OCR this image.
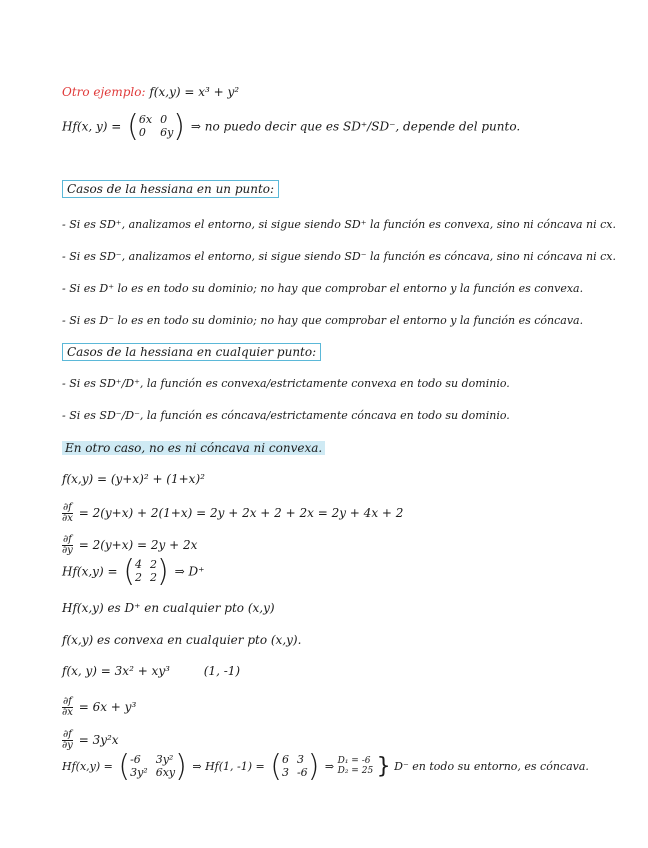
Otro ejemplo: f(x,y) = x³ + y²
Hf(x, y) = ( 6x 0
0	6y ) ⇒ no puedo decir que es SD⁺/SD⁻, depende del punto.
Casos de la hessiana en un punto:
- Si es SD⁺, analizamos el entorno, si sigue siendo SD⁺ la función es convexa, sino ni cóncava ni cx.
- Si es SD⁻, analizamos el entorno, si sigue siendo SD⁻ la función es cóncava, sino ni cóncava ni cx.
- Si es D⁺ lo es en todo su dominio; no hay que comprobar el entorno y la función es convexa.
- Si es D⁻ lo es en todo su dominio; no hay que comprobar el entorno y la función es cóncava.
Casos de la hessiana en cualquier punto:
- Si es SD⁺/D⁺, la función es convexa/estrictamente convexa en todo su dominio.
- Si es SD⁻/D⁻, la función es cóncava/estrictamente cóncava en todo su dominio.
En otro caso, no es ni cóncava ni convexa.
f(x,y) = (y+x)² + (1+x)²
$\frac{\partial f}{\partial x} = 2(y+x) + 2(1+x) = 2y + 2x + 2 + 2x = 2y + 4x + 2$
$\frac{\partial f}{\partial y} = 2(y+x) = 2y + 2x$
Hf(x,y) = ( 4 2
2 2 ) ⇒ D⁺
Hf(x,y) es D⁺ en cualquier pto (x,y)
f(x,y) es convexa en cualquier pto (x,y).
f(x, y) = 3x² + xy³	(1, -1)
$\frac{\partial f}{\partial x} = 6x + y^3$
$\frac{\partial f}{\partial y} = 3y^2x$
Hf(x,y) = ( -6	3y²
3y² 6xy ) ⇒ Hf(1, -1) = ( 6 3
3 -6 ) ⇒ D₁ = -6
D₂ = 25 } D⁻ en todo su entorno, es cóncava.
